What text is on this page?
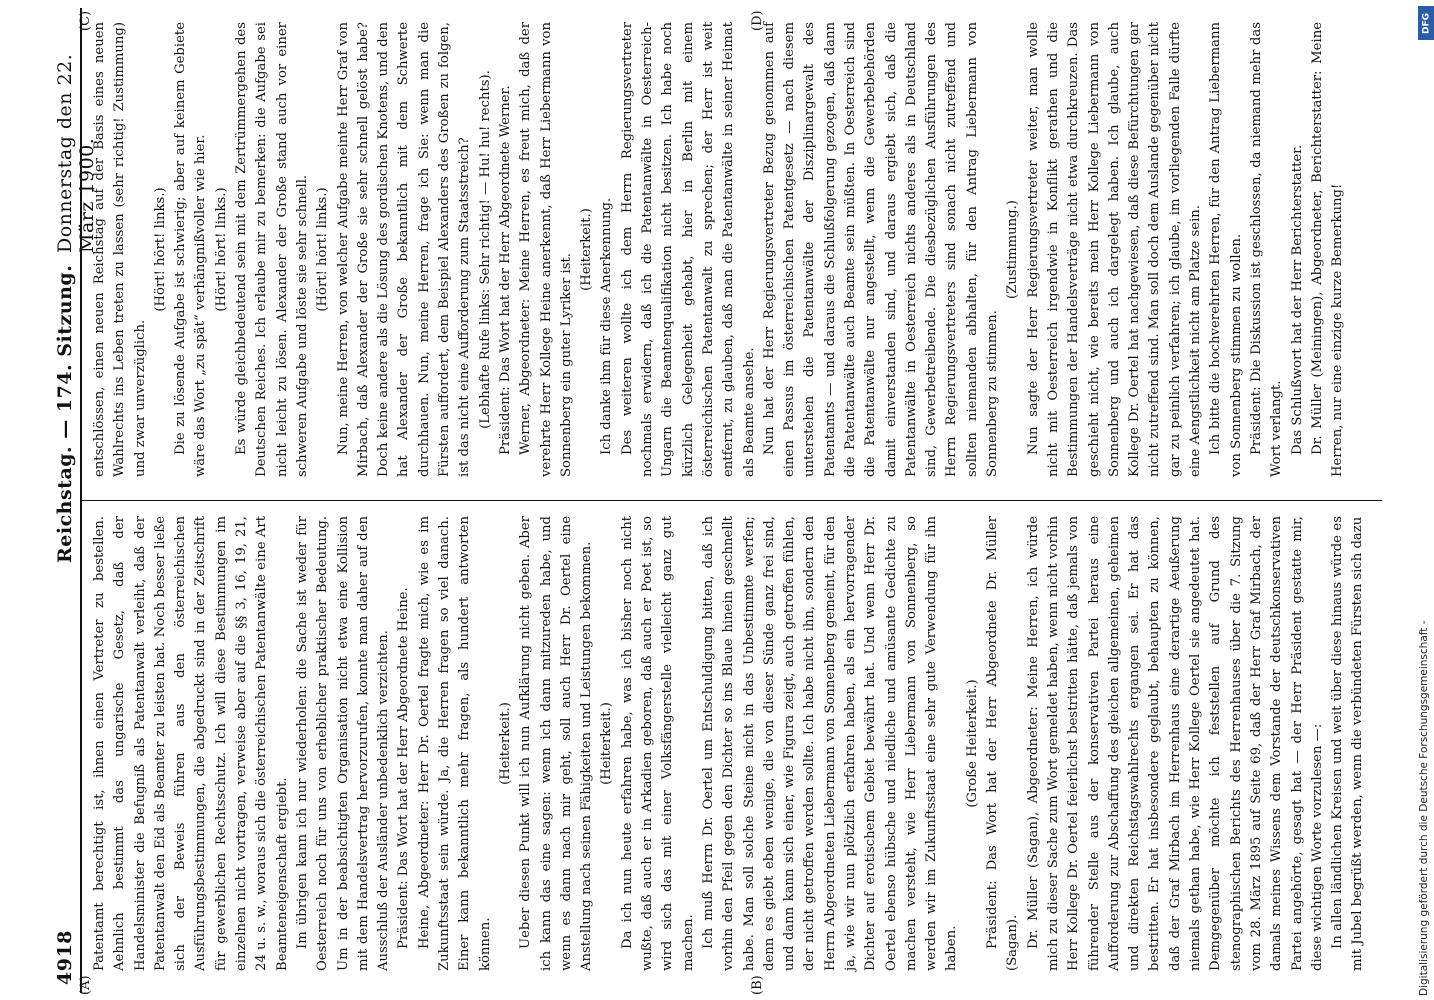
4918
Reichstag. — 174. Sitzung.
Donnerstag den 22. März 1900.
(A)	(B)
(C)	(D)

Patentamt berechtigt ist, ihnen einen Vertreter zu bestellen. Aehnlich bestimmt das ungarische Gesetz, daß der Handelsminister die Befugniß als Patentanwalt verleiht, daß der Patentanwalt den Eid als Beamter zu leisten hat. Noch besser ließe sich der Beweis führen aus den österreichischen Ausführungsbestimmungen, die abgedruckt sind in der Zeitschrift für gewerblichen Rechtsschutz. Ich will diese Bestimmungen im einzelnen nicht vortragen, verweise aber auf die §§ 3, 16, 19, 21, 24 u. s. w., woraus sich die österreichischen Patentanwälte eine Art Beamteneigenschaft ergiebt. Im übrigen kann ich nur wiederholen: die Sache ist weder für Oesterreich noch für uns von erheblicher praktischer Bedeutung. Um in der beabsichtigten Organisation nicht etwa eine Kollision mit dem Handelsvertrag hervorzurufen, konnte man daher auf den Ausschluß der Ausländer unbedenklich verzichten. Präsident: Das Wort hat der Herr Abgeordnete Heine. Heine, Abgeordneter: Herr Dr. Oertel fragte mich, wie es im Zukunftsstaat sein würde. Ja, die Herren fragen so viel danach. Einer kann bekanntlich mehr fragen, als hundert antworten können.

(Heiterkeit.) Ueber diesen Punkt will ich nun Aufklärung nicht geben. Aber ich kann das eine sagen: wenn ich dann mitzureden habe, und wenn es dann nach mir geht, soll auch Herr Dr. Oertel eine Anstellung nach seinen Fähigkeiten und Leistungen bekommen. (Heiterkeit.) Da ich nun heute erfahren habe, was ich bisher noch nicht wußte, daß auch er in Arkadien geboren, daß auch er Poet ist, so wird sich das mit einer Volksfängerstelle vielleicht ganz gut machen. Ich muß Herrn Dr. Oertel um Entschuldigung bitten, daß ich vorhin den Pfeil gegen den Dichter so ins Blaue hinein geschnellt habe. Man soll solche Steine nicht in das Unbestimmte werfen; denn es giebt eben wenige, die von dieser Sünde ganz frei sind, und dann kann sich einer, wie Figura zeigt, auch getroffen fühlen, der nicht getroffen werden sollte. Ich habe nicht ihn, sondern den Herrn Abgeordneten Liebermann von Sonnenberg gemeint, für den ja, wie wir nun plötzlich erfahren haben, als ein hervorragender Dichter auf erotischem Gebiet bewährt hat. Und wenn Herr Dr. Oertel ebenso hübsche und niedliche und amüsante Gedichte zu machen versteht, wie Herr Liebermann von Sonnenberg, so werden wir im Zukunftsstaat eine sehr gute Verwendung für ihn haben.

(Große Heiterkeit.) Präsident: Das Wort hat der Herr Abgeordnete Dr. Müller (Sagan). Dr. Müller (Sagan), Abgeordneter: Meine Herren, ich würde mich zu dieser Sache zum Wort gemeldet haben, wenn nicht vorhin Herr Kollege Dr. Oertel feierlichst bestritten hätte, daß jemals von führender Stelle aus der konservativen Partei heraus eine Aufforderung zur Abschaffung des gleichen allgemeinen, geheimen und direkten Reichstagswahlrechts ergangen sei. Er hat das bestritten. Er hat insbesondere geglaubt, behaupten zu können, daß der Graf Mirbach im Herrenhaus eine derartige Aeußerung niemals gethan habe, wie Herr Kollege Oertel sie angedeutet hat. Demgegenüber möchte ich feststellen auf Grund des stenographischen Berichts des Herrenhauses über die 7. Sitzung vom 28. März 1895 auf Seite 69, daß der Herr Graf Mirbach, der damals meines Wissens dem Vorstande der deutschkonservativen Partei angehörte, gesagt hat — der Herr Präsident gestatte mir, diese wichtigen Worte vorzulesen —: In allen ländlichen Kreisen und weit über diese hinaus würde es mit Jubel begrüßt werden, wenn die verbündeten Fürsten sich dazu

entschlössen, einen neuen Reichstag auf der Basis eines neuen Wahlrechts ins Leben treten zu lassen (sehr richtig! Zustimmung) und zwar unverzüglich.

(Hört! hört! links.) Die zu lösende Aufgabe ist schwierig; aber auf keinem Gebiete wäre das Wort „zu spät“ verhängnißvoller wie hier. (Hört! hört! links.) Es würde gleichbedeutend sein mit dem Zertrümmergehen des Deutschen Reiches. Ich erlaube mir zu bemerken: die Aufgabe sei nicht leicht zu lösen. Alexander der Große stand auch vor einer schweren Aufgabe und löste sie sehr schnell. (Hört! hört! links.) Nun, meine Herren, von welcher Aufgabe meinte Herr Graf von Mirbach, daß Alexander der Große sie sehr schnell gelöst habe? Doch keine andere als die Lösung des gordischen Knotens, und den hat Alexander der Große bekanntlich mit dem Schwerte durchhauen. Nun, meine Herren, frage ich Sie: wenn man die Fürsten auffordert, dem Beispiel Alexanders des Großen zu folgen, ist das nicht eine Aufforderung zum Staatsstreich? (Lebhafte Rufe links: Sehr richtig! — Hu! hu! rechts). Präsident: Das Wort hat der Herr Abgeordnete Werner. Werner, Abgeordneter: Meine Herren, es freut mich, daß der verehrte Herr Kollege Heine anerkennt, daß Herr Liebermann von Sonnenberg ein guter Lyriker ist.

(Heiterkeit.) Ich danke ihm für diese Anerkennung. Des weiteren wollte ich dem Herrn Regierungsvertreter nochmals erwidern, daß ich die Patentanwälte in Oesterreich-Ungarn die Beamtenqualifikation nicht besitzen. Ich habe noch kürzlich Gelegenheit gehabt, hier in Berlin mit einem österreichischen Patentanwalt zu sprechen; der Herr ist weit entfernt, zu glauben, daß man die Patentanwälte in seiner Heimat als Beamte ansehe. Nun hat der Herr Regierungsvertreter Bezug genommen auf einen Passus im österreichischen Patentgesetz — nach diesem unterstehen die Patentanwälte der Disziplinargewalt des Patentamts — und daraus die Schlußfolgerung gezogen, daß dann die Patentanwälte auch Beamte sein müßten. In Oesterreich sind die Patentanwälte nur angestellt, wenn die Gewerbebehörden damit einverstanden sind, und daraus ergiebt sich, daß die Patentanwälte in Oesterreich nichts anderes als in Deutschland sind, Gewerbetreibende. Die diesbezüglichen Ausführungen des Herrn Regierungsvertreters sind sonach nicht zutreffend und sollten niemanden abhalten, für den Antrag Liebermann von Sonnenberg zu stimmen.

(Zustimmung.) Nun sagte der Herr Regierungsvertreter weiter, man wolle nicht mit Oesterreich irgendwie in Konflikt gerathen und die Bestimmungen der Handelsverträge nicht etwa durchkreuzen. Das geschieht nicht, wie bereits mein Herr Kollege Liebermann von Sonnenberg und auch ich dargelegt haben. Ich glaube, auch Kollege Dr. Oertel hat nachgewiesen, daß diese Befürchtungen gar nicht zutreffend sind. Man soll doch dem Auslande gegenüber nicht gar zu peinlich verfahren; ich glaube, im vorliegenden Falle dürfte eine Aengstlichkeit nicht am Platze sein. Ich bitte die hochverehrten Herren, für den Antrag Liebermann von Sonnenberg stimmen zu wollen. Präsident: Die Diskussion ist geschlossen, da niemand mehr das Wort verlangt. Das Schlußwort hat der Herr Berichterstatter. Dr. Müller (Meiningen), Abgeordneter, Berichterstatter: Meine Herren, nur eine einzige kurze Bemerkung!

DFG
Digitalisierung gefördert durch die Deutsche Forschungsgemeinschaft -
